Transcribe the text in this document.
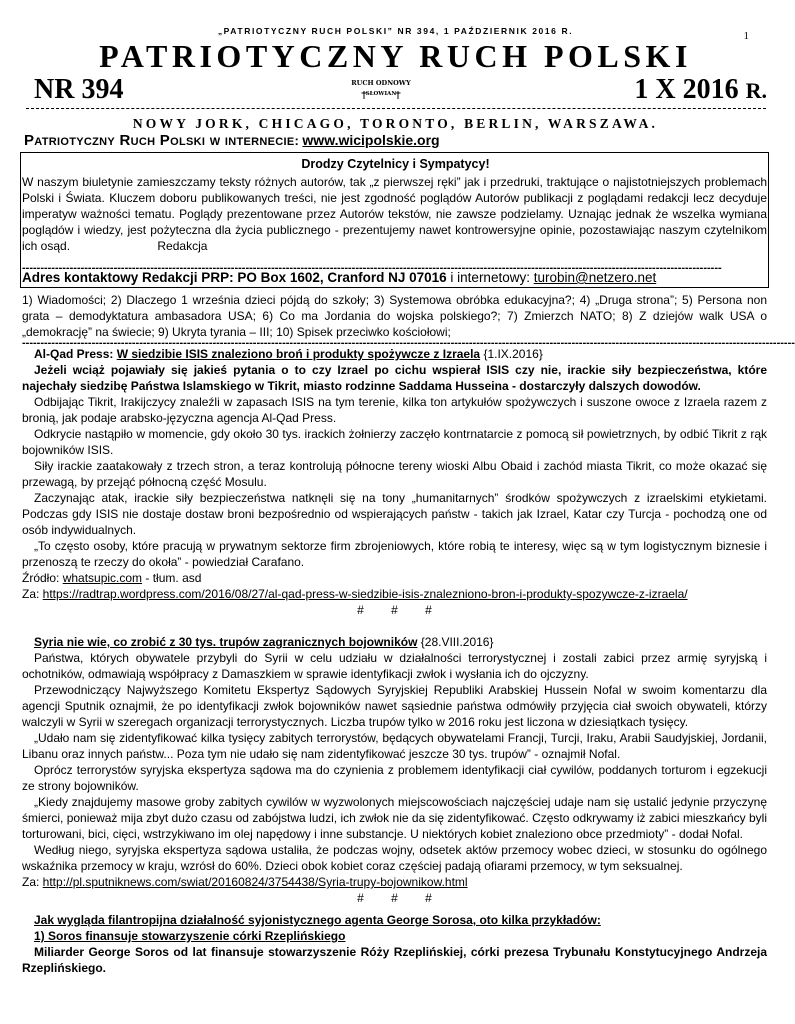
„PATRIOTYCZNY RUCH POLSKI” NR 394, 1 PAŹDZIERNIK 2016 R.	1
PATRIOTYCZNY RUCH POLSKI
NR 394	RUCH ODNOWY
SŁOWIAN	1 X 2016 R.
NOWY JORK, CHICAGO, TORONTO, BERLIN, WARSZAWA.
Patriotyczny Ruch Polski w internecie: www.wicipolskie.org
Drodzy Czytelnicy i Sympatycy!
W naszym biuletynie zamieszczamy teksty różnych autorów, tak „z pierwszej ręki” jak i przedruki, traktujące o najistotniejszych problemach Polski i Świata. Kluczem doboru publikowanych treści, nie jest zgodność poglądów Autorów publikacji z poglądami redakcji lecz decyduje imperatyw ważności tematu. Poglądy prezentowane przez Autorów tekstów, nie zawsze podzielamy. Uznając jednak że wszelka wymiana poglądów i wiedzy, jest pożyteczna dla życia publicznego - prezentujemy nawet kontrowersyjne opinie, pozostawiając naszym czytelnikom ich osąd.	Redakcja
-----------------------------------------------------------------------------------------------------------------------------------------------------------------------------------------------
Adres kontaktowy Redakcji PRP: PO Box 1602, Cranford NJ 07016 i internetowy: turobin@netzero.net
1) Wiadomości; 2) Dlaczego 1 września dzieci pójdą do szkoły; 3) Systemowa obróbka edukacyjna?; 4) „Druga strona”; 5) Persona non grata – demodyktatura ambasadora USA; 6) Co ma Jordania do wojska polskiego?; 7) Zmierzch NATO; 8) Z dziejów walk USA o „demokrację” na świecie; 9) Ukryta tyrania – III; 10) Spisek przeciwko kościołowi;
-------------------------------------------------------------------------------------------------------------------------------------------------------------------------------------------------------------------

Al-Qad Press: W siedzibie ISIS znaleziono broń i produkty spożywcze z Izraela {1.IX.2016}

Jeżeli wciąż pojawiały się jakieś pytania o to czy Izrael po cichu wspierał ISIS czy nie, irackie siły bezpieczeństwa, które najechały siedzibę Państwa Islamskiego w Tikrit, miasto rodzinne Saddama Husseina - dostarczyły dalszych dowodów.

Odbijając Tikrit, Irakijczycy znaleźli w zapasach ISIS na tym terenie, kilka ton artykułów spożywczych i suszone owoce z Izraela razem z bronią, jak podaje arabsko-języczna agencja Al-Qad Press.

Odkrycie nastąpiło w momencie, gdy około 30 tys. irackich żołnierzy zaczęło kontrnatarcie z pomocą sił powietrznych, by odbić Tikrit z rąk bojowników ISIS.

Siły irackie zaatakowały z trzech stron, a teraz kontrolują północne tereny wioski Albu Obaid i zachód miasta Tikrit, co może okazać się przewagą, by przejąć północną część Mosulu.

Zaczynając atak, irackie siły bezpieczeństwa natknęli się na tony „humanitarnych” środków spożywczych z izraelskimi etykietami. Podczas gdy ISIS nie dostaje dostaw broni bezpośrednio od wspierających państw - takich jak Izrael, Katar czy Turcja - pochodzą one od osób indywidualnych.

„To często osoby, które pracują w prywatnym sektorze firm zbrojeniowych, które robią te interesy, więc są w tym logistycznym biznesie i przenoszą te rzeczy do okoła” - powiedział Carafano.

Źródło: whatsupic.com - tłum. asd

Za: https://radtrap.wordpress.com/2016/08/27/al-qad-press-w-siedzibie-isis-znalezniono-bron-i-produkty-spozywcze-z-izraela/

# # #

Syria nie wie, co zrobić z 30 tys. trupów zagranicznych bojowników {28.VIII.2016}

Państwa, których obywatele przybyli do Syrii w celu udziału w działalności terrorystycznej i zostali zabici przez armię syryjską i ochotników, odmawiają współpracy z Damaszkiem w sprawie identyfikacji zwłok i wysłania ich do ojczyzny.

Przewodniczący Najwyższego Komitetu Ekspertyz Sądowych Syryjskiej Republiki Arabskiej Hussein Nofal w swoim komentarzu dla agencji Sputnik oznajmił, że po identyfikacji zwłok bojowników nawet sąsiednie państwa odmówiły przyjęcia ciał swoich obywateli, którzy walczyli w Syrii w szeregach organizacji terrorystycznych. Liczba trupów tylko w 2016 roku jest liczona w dziesiątkach tysięcy.

„Udało nam się zidentyfikować kilka tysięcy zabitych terrorystów, będących obywatelami Francji, Turcji, Iraku, Arabii Saudyjskiej, Jordanii, Libanu oraz innych państw... Poza tym nie udało się nam zidentyfikować jeszcze 30 tys. trupów” - oznajmił Nofal.

Oprócz terrorystów syryjska ekspertyza sądowa ma do czynienia z problemem identyfikacji ciał cywilów, poddanych torturom i egzekucji ze strony bojowników.

„Kiedy znajdujemy masowe groby zabitych cywilów w wyzwolonych miejscowościach najczęściej udaje nam się ustalić jedynie przyczynę śmierci, ponieważ mija zbyt dużo czasu od zabójstwa ludzi, ich zwłok nie da się zidentyfikować. Często odkrywamy iż zabici mieszkańcy byli torturowani, bici, cięci, wstrzykiwano im olej napędowy i inne substancje. U niektórych kobiet znaleziono obce przedmioty” - dodał Nofal.

Według niego, syryjska ekspertyza sądowa ustaliła, że podczas wojny, odsetek aktów przemocy wobec dzieci, w stosunku do ogólnego wskaźnika przemocy w kraju, wzrósł do 60%. Dzieci obok kobiet coraz częściej padają ofiarami przemocy, w tym seksualnej.

Za: http://pl.sputniknews.com/swiat/20160824/3754438/Syria-trupy-bojownikow.html

# # #

Jak wygląda filantropijna działalność syjonistycznego agenta George Sorosa, oto kilka przykładów:

1) Soros finansuje stowarzyszenie córki Rzeplińskiego

Miliarder George Soros od lat finansuje stowarzyszenie Róży Rzeplińskiej, córki prezesa Trybunału Konstytucyjnego Andrzeja Rzeplińskiego.
